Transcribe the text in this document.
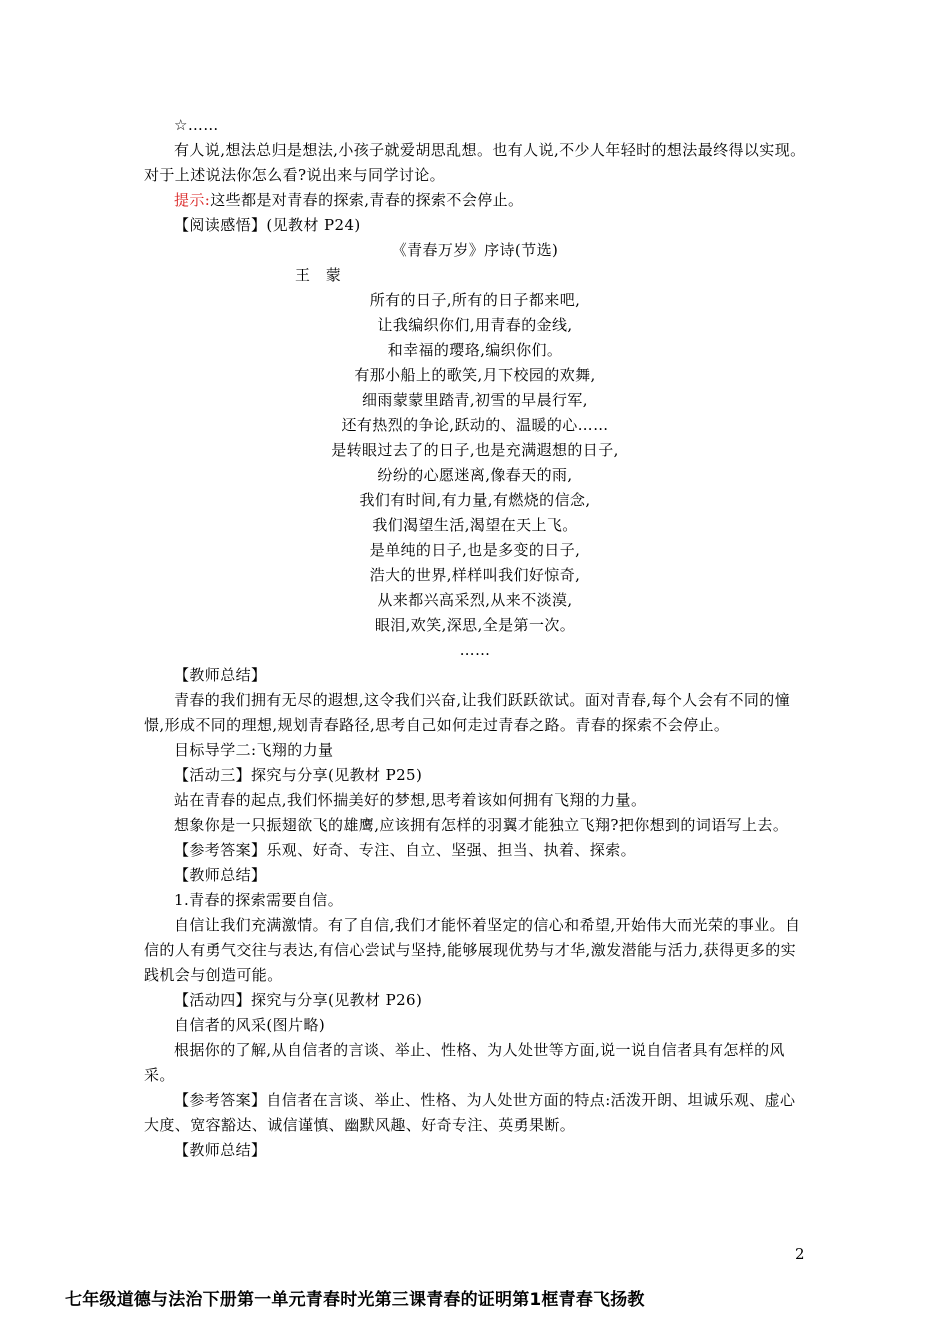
☆……

有人说,想法总归是想法,小孩子就爱胡思乱想。也有人说,不少人年轻时的想法最终得以实现。对于上述说法你怎么看?说出来与同学讨论。

提示:这些都是对青春的探索,青春的探索不会停止。

【阅读感悟】(见教材 P24)

《青春万岁》序诗(节选)

王　蒙

所有的日子,所有的日子都来吧,

让我编织你们,用青春的金线,

和幸福的璎珞,编织你们。

有那小船上的歌笑,月下校园的欢舞,

细雨蒙蒙里踏青,初雪的早晨行军,

还有热烈的争论,跃动的、温暖的心……

是转眼过去了的日子,也是充满遐想的日子,

纷纷的心愿迷离,像春天的雨,

我们有时间,有力量,有燃烧的信念,

我们渴望生活,渴望在天上飞。

是单纯的日子,也是多变的日子,

浩大的世界,样样叫我们好惊奇,

从来都兴高采烈,从来不淡漠,

眼泪,欢笑,深思,全是第一次。

……

【教师总结】

青春的我们拥有无尽的遐想,这令我们兴奋,让我们跃跃欲试。面对青春,每个人会有不同的憧憬,形成不同的理想,规划青春路径,思考自己如何走过青春之路。青春的探索不会停止。

目标导学二:飞翔的力量

【活动三】探究与分享(见教材 P25)

站在青春的起点,我们怀揣美好的梦想,思考着该如何拥有飞翔的力量。

想象你是一只振翅欲飞的雄鹰,应该拥有怎样的羽翼才能独立飞翔?把你想到的词语写上去。

【参考答案】乐观、好奇、专注、自立、坚强、担当、执着、探索。

【教师总结】

1.青春的探索需要自信。

自信让我们充满激情。有了自信,我们才能怀着坚定的信心和希望,开始伟大而光荣的事业。自信的人有勇气交往与表达,有信心尝试与坚持,能够展现优势与才华,激发潜能与活力,获得更多的实践机会与创造可能。

【活动四】探究与分享(见教材 P26)

自信者的风采(图片略)

根据你的了解,从自信者的言谈、举止、性格、为人处世等方面,说一说自信者具有怎样的风采。

【参考答案】自信者在言谈、举止、性格、为人处世方面的特点:活泼开朗、坦诚乐观、虚心大度、宽容豁达、诚信谨慎、幽默风趣、好奇专注、英勇果断。

【教师总结】

2
七年级道德与法治下册第一单元青春时光第三课青春的证明第1框青春飞扬教
